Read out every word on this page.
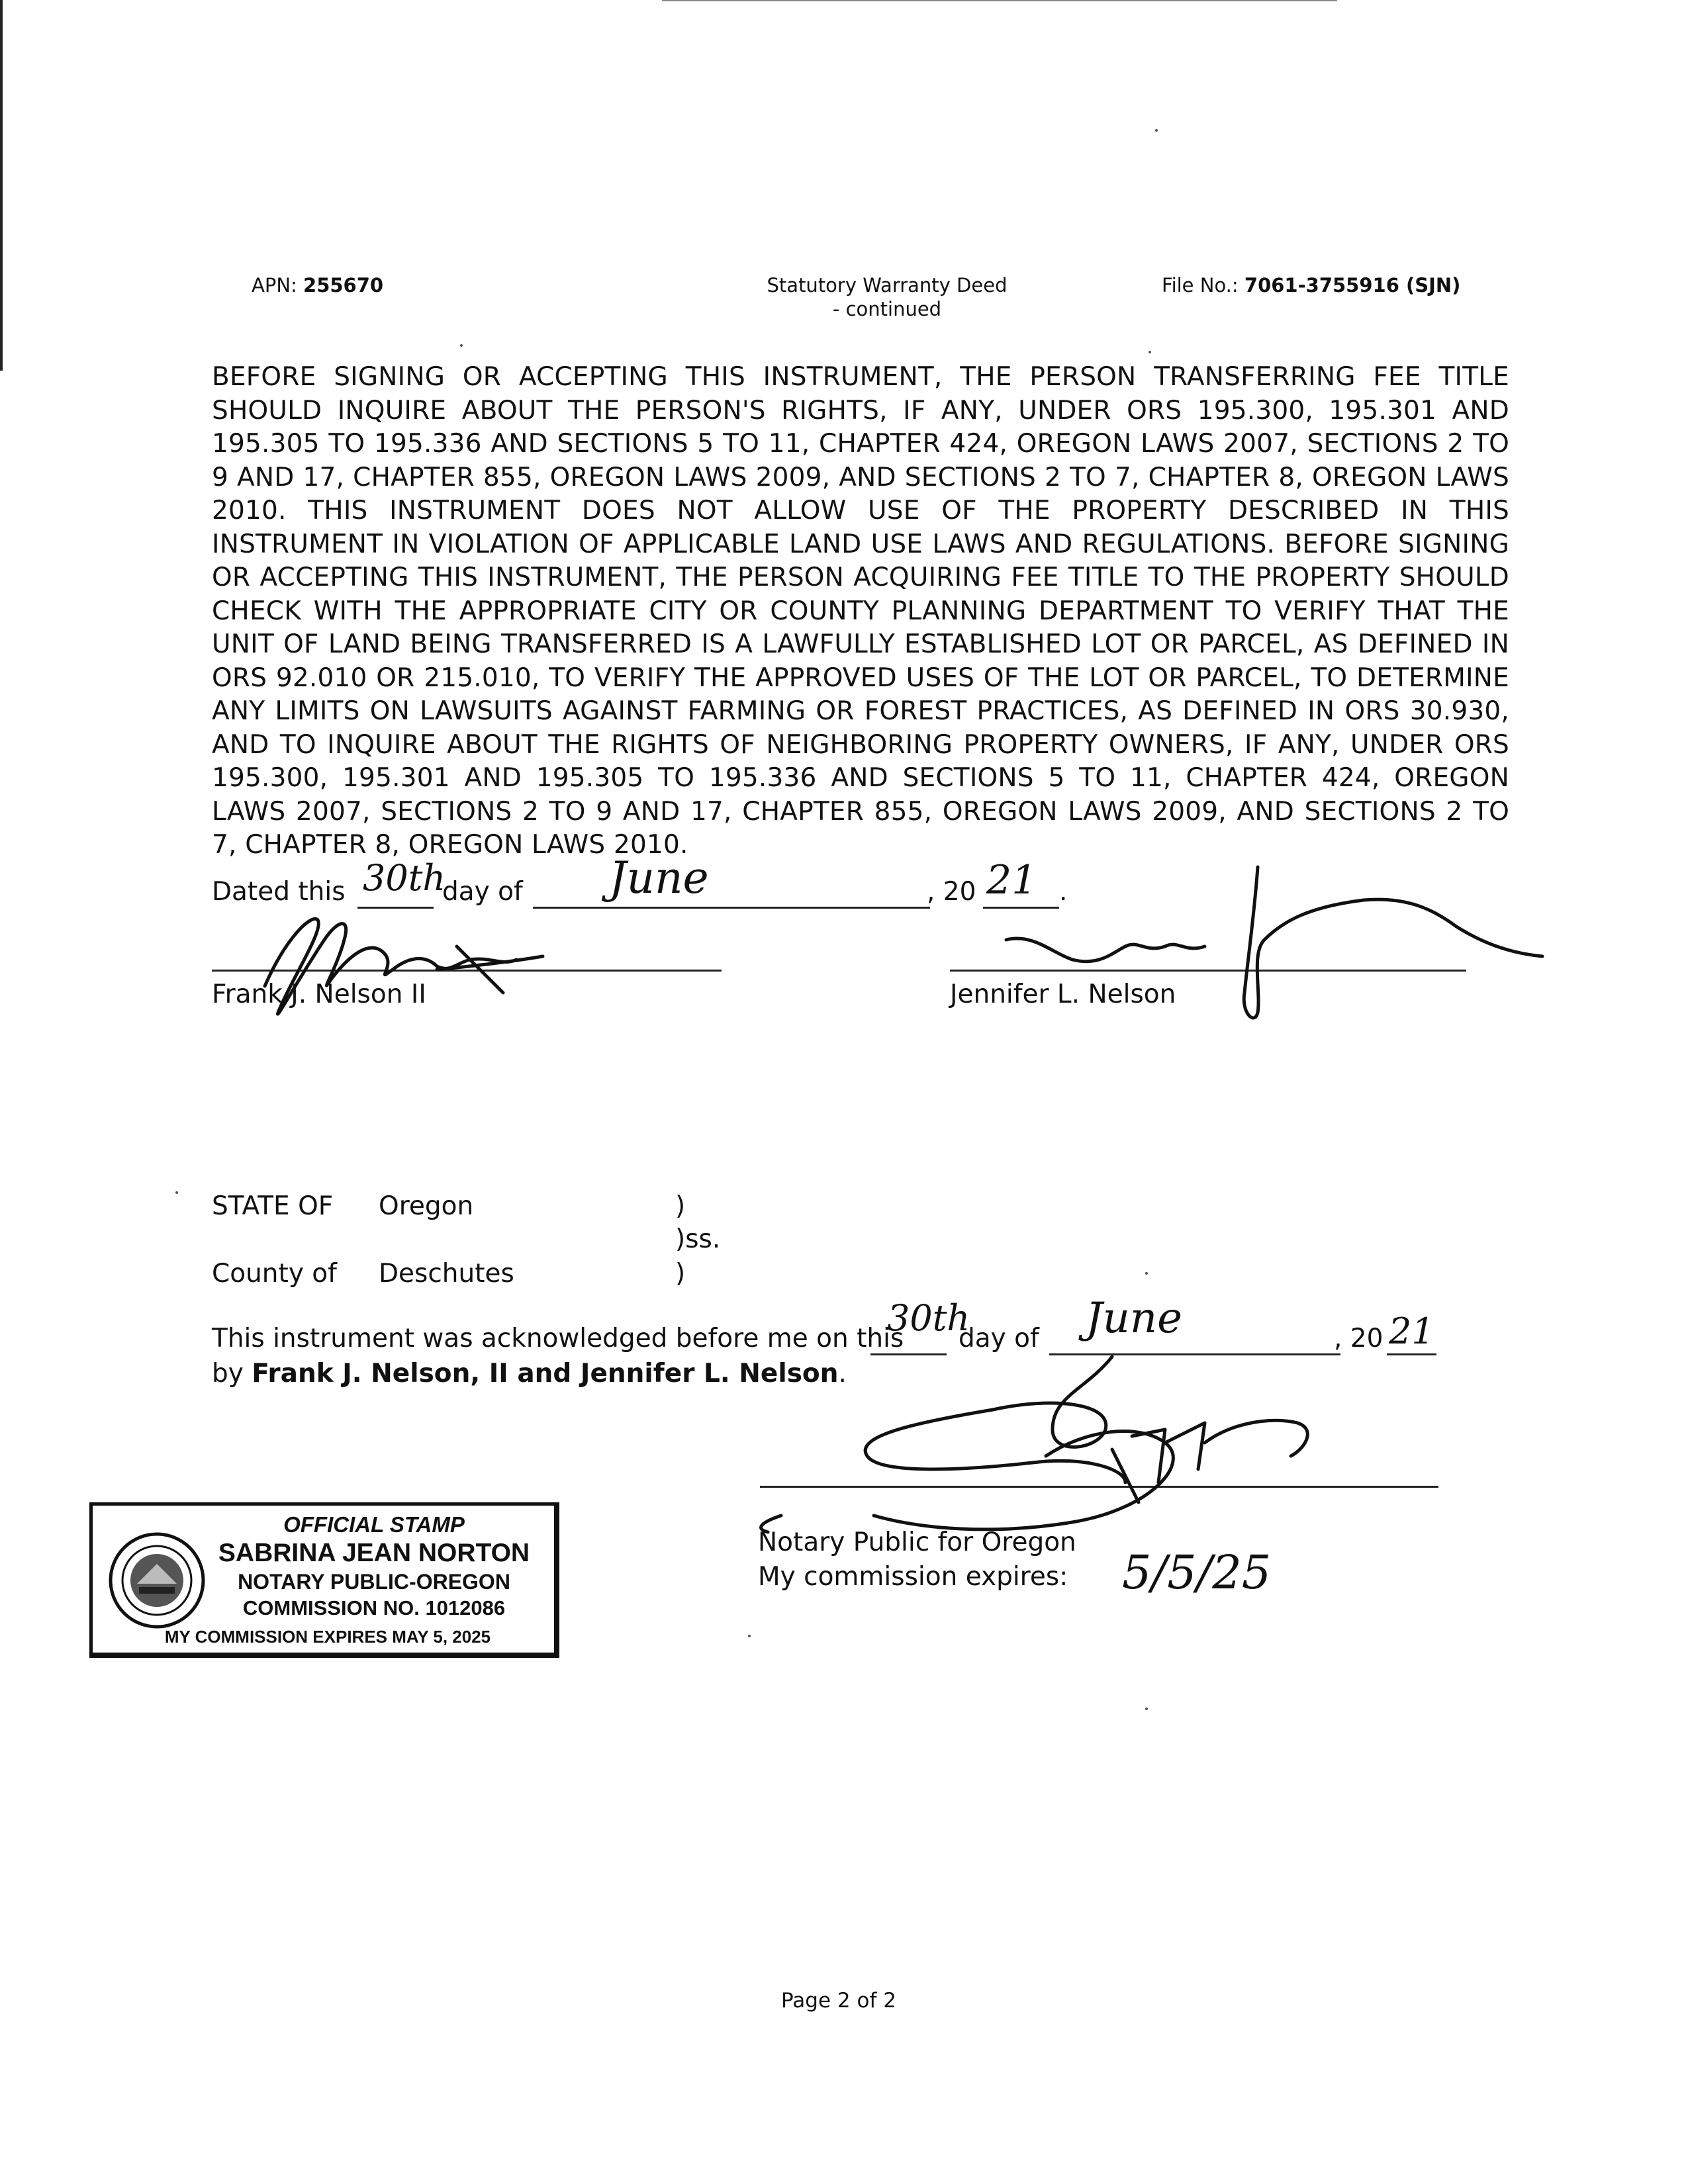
APN: 255670	Statutory Warranty Deed
- continued
File No.: 7061-3755916 (SJN)

BEFORE SIGNING OR ACCEPTING THIS INSTRUMENT, THE PERSON TRANSFERRING FEE TITLE SHOULD INQUIRE ABOUT THE PERSON'S RIGHTS, IF ANY, UNDER ORS 195.300, 195.301 AND 195.305 TO 195.336 AND SECTIONS 5 TO 11, CHAPTER 424, OREGON LAWS 2007, SECTIONS 2 TO 9 AND 17, CHAPTER 855, OREGON LAWS 2009, AND SECTIONS 2 TO 7, CHAPTER 8, OREGON LAWS 2010. THIS INSTRUMENT DOES NOT ALLOW USE OF THE PROPERTY DESCRIBED IN THIS INSTRUMENT IN VIOLATION OF APPLICABLE LAND USE LAWS AND REGULATIONS. BEFORE SIGNING OR ACCEPTING THIS INSTRUMENT, THE PERSON ACQUIRING FEE TITLE TO THE PROPERTY SHOULD CHECK WITH THE APPROPRIATE CITY OR COUNTY PLANNING DEPARTMENT TO VERIFY THAT THE UNIT OF LAND BEING TRANSFERRED IS A LAWFULLY ESTABLISHED LOT OR PARCEL, AS DEFINED IN ORS 92.010 OR 215.010, TO VERIFY THE APPROVED USES OF THE LOT OR PARCEL, TO DETERMINE ANY LIMITS ON LAWSUITS AGAINST FARMING OR FOREST PRACTICES, AS DEFINED IN ORS 30.930, AND TO INQUIRE ABOUT THE RIGHTS OF NEIGHBORING PROPERTY OWNERS, IF ANY, UNDER ORS 195.300, 195.301 AND 195.305 TO 195.336 AND SECTIONS 5 TO 11, CHAPTER 424, OREGON LAWS 2007, SECTIONS 2 TO 9 AND 17, CHAPTER 855, OREGON LAWS 2009, AND SECTIONS 2 TO 7, CHAPTER 8, OREGON LAWS 2010.

Dated this 30th
day of June	, 20 21 .
Frank J. Nelson II	Jennifer L. Nelson
STATE OF Oregon	)
)ss.
County of Deschutes	)
This instrument was acknowledged before me on this
30th
day of June	, 20 21
by Frank J. Nelson, II and Jennifer L. Nelson.
Notary Public for Oregon
My commission expires: 5/5/25
OFFICIAL STAMP
SABRINA JEAN NORTON
NOTARY PUBLIC-OREGON
COMMISSION NO. 1012086
MY COMMISSION EXPIRES MAY 5, 2025
Page 2 of 2
